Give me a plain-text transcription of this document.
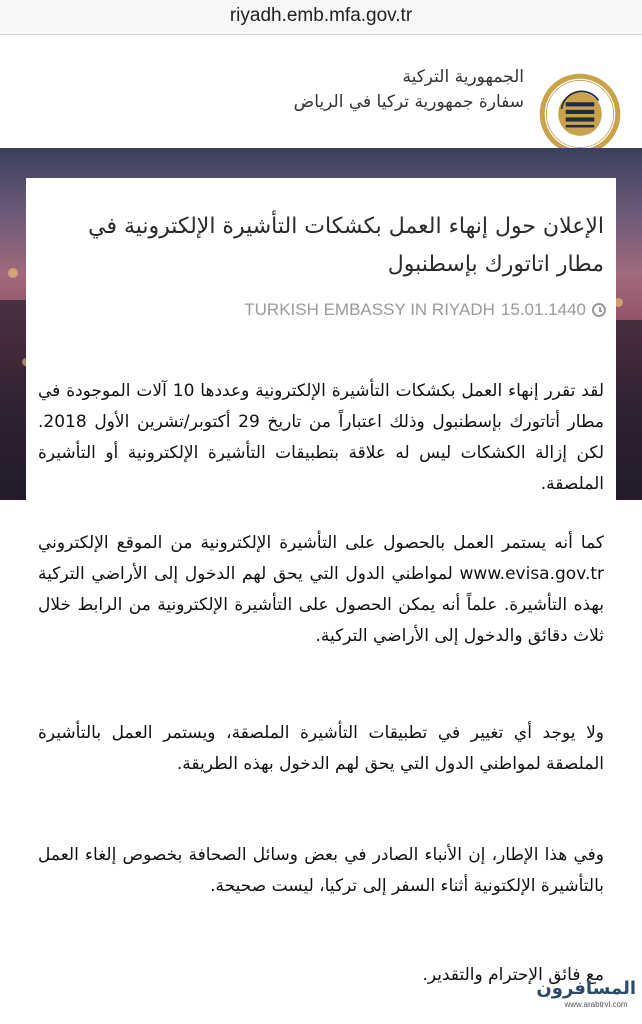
riyadh.emb.mfa.gov.tr
الجمهورية التركية
سفارة جمهورية تركيا في الرياض
الإعلان حول إنهاء العمل بكشكات التأشيرة الإلكترونية في مطار اتاتورك بإسطنبول
TURKISH EMBASSY IN RIYADH 15.01.1440
لقد تقرر إنهاء العمل بكشكات التأشيرة الإلكترونية وعددها 10 آلات الموجودة في مطار أتاتورك بإسطنبول وذلك اعتباراً من تاريخ 29 أكتوبر/تشرين الأول 2018. لكن إزالة الكشكات ليس له علاقة بتطبيقات التأشيرة الإلكترونية أو التأشيرة الملصقة.
كما أنه يستمر العمل بالحصول على التأشيرة الإلكترونية من الموقع الإلكتروني www.evisa.gov.tr لمواطني الدول التي يحق لهم الدخول إلى الأراضي التركية بهذه التأشيرة. علماً أنه يمكن الحصول على التأشيرة الإلكترونية من الرابط خلال ثلاث دقائق والدخول إلى الأراضي التركية.
ولا يوجد أي تغيير في تطبيقات التأشيرة الملصقة، ويستمر العمل بالتأشيرة الملصقة لمواطني الدول التي يحق لهم الدخول بهذه الطريقة.
وفي هذا الإطار، إن الأنباء الصادر في بعض وسائل الصحافة بخصوص إلغاء العمل بالتأشيرة الإلكتونية أثناء السفر إلى تركيا، ليست صحيحة.
مع فائق الإحترام والتقدير.
المسافرون
www.arabtrvl.com
